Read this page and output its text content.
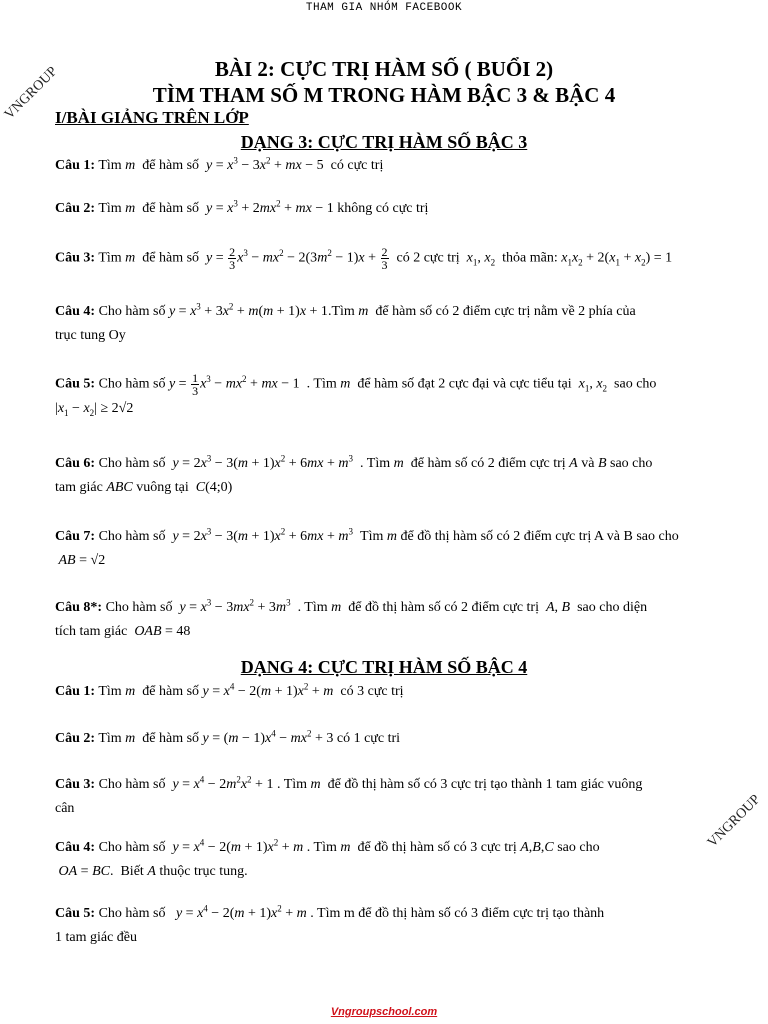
THAM GIA NHÓM FACEBOOK
BÀI 2: CỰC TRỊ HÀM SỐ ( BUỔI 2)
TÌM THAM SỐ M TRONG HÀM BẬC 3 & BẬC 4
VNGROUP
VNGROUP
I/BÀI GIẢNG TRÊN LỚP
DẠNG 3: CỰC TRỊ HÀM SỐ BẬC 3
Câu 1: Tìm m để hàm số $y = x^3 - 3x^2$ + mx − 5  có cực trị
Câu 2: Tìm m để hàm số $y = x^3 + 2mx^2$ + mx − 1 không có cực trị
Câu 3: Tìm m để hàm số $y = \frac{2}{3} x^3 - mx^2 - 2(3m^2 - 1)x + \frac{2}{3}$ có 2 cực trị $x_1$, $x_2$ thỏa mãn: $x_1x_2 + 2(x_1 + x_2) = 1$
Câu 4: Cho hàm số $y = x^3 + 3x^2 + m(m + 1)x$ + 1.Tìm m để hàm số có 2 điểm cực trị nằm về 2 phía của
trục tung Oy
Câu 5: Cho hàm số $y = \frac{1}{3} x^3 - mx^2$ + mx − 1  . Tìm m để hàm số đạt 2 cực đại và cực tiểu tại $x_1$, $x_2$ sao cho
$|x_1 - x_2| \ge 2√2$
Câu 6: Cho hàm số $y = 2x^3 - 3(m + 1)x^2 + 6mx + m^3$ . Tìm m để hàm số có 2 điểm cực trị A và B sao cho
tam giác ABC vuông tại C(4;0)
Câu 7: Cho hàm số $y = 2x^3 - 3(m + 1)x^2 + 6mx + m^3$ Tìm m để đồ thị hàm số có 2 điểm cực trị A và B sao cho
AB = √2
Câu 8*: Cho hàm số $y = x^3 - 3mx^2 + 3m^3$ . Tìm m để đồ thị hàm số có 2 điểm cực trị A, B sao cho diện
tích tam giác OAB = 48
DẠNG 4: CỰC TRỊ HÀM SỐ BẬC 4
Câu 1: Tìm m để hàm số $y = x^4 - 2(m + 1)x^2 + m$ có 3 cực trị
Câu 2: Tìm m để hàm số $y = (m - 1)x^4 - mx^2 + 3$ có 1 cực tri
Câu 3: Cho hàm số $y = x^4 - 2m^2x^2 + 1$ . Tìm m để đồ thị hàm số có 3 cực trị tạo thành 1 tam giác vuông
cân
Câu 4: Cho hàm số $y = x^4 - 2(m + 1)x^2 + m$ . Tìm m để đồ thị hàm số có 3 cực trị A,B,C sao cho
OA = BC.  Biết A thuộc trục tung.
Câu 5: Cho hàm số $y = x^4 - 2(m + 1)x^2 + m$ . Tìm m để đồ thị hàm số có 3 điểm cực trị tạo thành
1 tam giác đều
Vngroupschool.com
